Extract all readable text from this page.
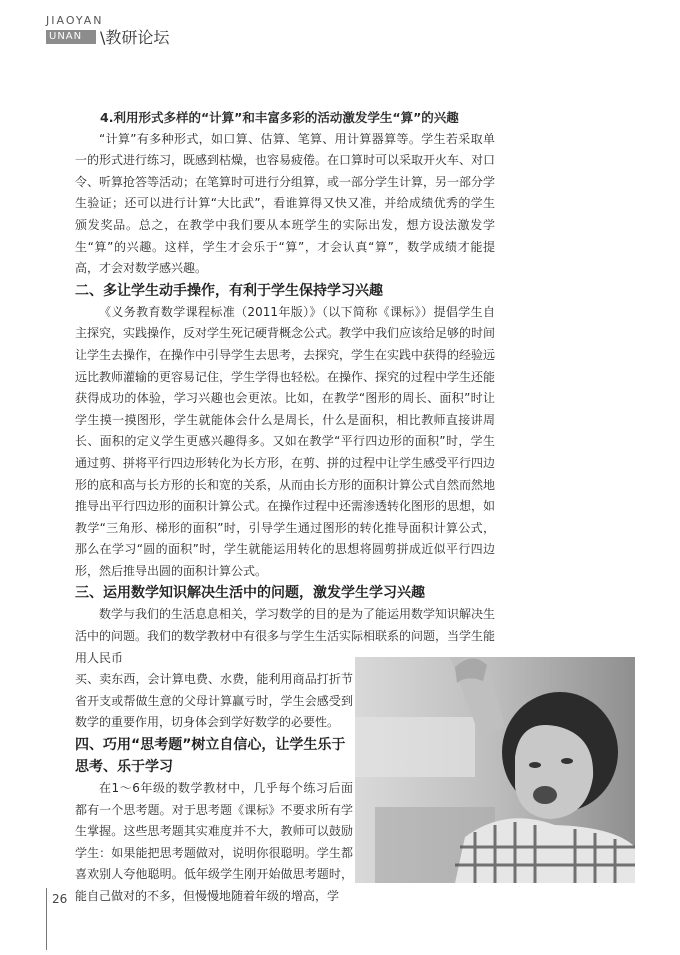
JIAOYAN
UNAN	\教研论坛

4.利用形式多样的“计算”和丰富多彩的活动激发学生“算”的兴趣

“计算”有多种形式，如口算、估算、笔算、用计算器算等。学生若采取单一的形式进行练习，既感到枯燥，也容易疲倦。在口算时可以采取开火车、对口令、听算抢答等活动；在笔算时可进行分组算，或一部分学生计算，另一部分学生验证；还可以进行计算“大比武”，看谁算得又快又准，并给成绩优秀的学生颁发奖品。总之，在教学中我们要从本班学生的实际出发，想方设法激发学生“算”的兴趣。这样，学生才会乐于“算”，才会认真“算”，数学成绩才能提高，才会对数学感兴趣。

二、多让学生动手操作，有利于学生保持学习兴趣

《义务教育数学课程标准（2011年版）》（以下简称《课标》）提倡学生自主探究，实践操作，反对学生死记硬背概念公式。教学中我们应该给足够的时间让学生去操作，在操作中引导学生去思考，去探究，学生在实践中获得的经验远远比教师灌输的更容易记住，学生学得也轻松。在操作、探究的过程中学生还能获得成功的体验，学习兴趣也会更浓。比如，在教学“图形的周长、面积”时让学生摸一摸图形，学生就能体会什么是周长，什么是面积，相比教师直接讲周长、面积的定义学生更感兴趣得多。又如在教学“平行四边形的面积”时，学生通过剪、拼将平行四边形转化为长方形，在剪、拼的过程中让学生感受平行四边形的底和高与长方形的长和宽的关系，从而由长方形的面积计算公式自然而然地推导出平行四边形的面积计算公式。在操作过程中还需渗透转化图形的思想，如教学“三角形、梯形的面积”时，引导学生通过图形的转化推导面积计算公式，那么在学习“圆的面积”时，学生就能运用转化的思想将圆剪拼成近似平行四边形，然后推导出圆的面积计算公式。

三、运用数学知识解决生活中的问题，激发学生学习兴趣

数学与我们的生活息息相关，学习数学的目的是为了能运用数学知识解决生活中的问题。我们的数学教材中有很多与学生生活实际相联系的问题，当学生能用人民币

买、卖东西，会计算电费、水费，能利用商品打折节省开支或帮做生意的父母计算赢亏时，学生会感受到数学的重要作用，切身体会到学好数学的必要性。

四、巧用“思考题”树立自信心，让学生乐于思考、乐于学习

在1～6年级的数学教材中，几乎每个练习后面都有一个思考题。对于思考题《课标》不要求所有学生掌握。这些思考题其实难度并不大，教师可以鼓励学生：如果能把思考题做对，说明你很聪明。学生都喜欢别人夸他聪明。低年级学生刚开始做思考题时，能自己做对的不多，但慢慢地随着年级的增高，学

26
